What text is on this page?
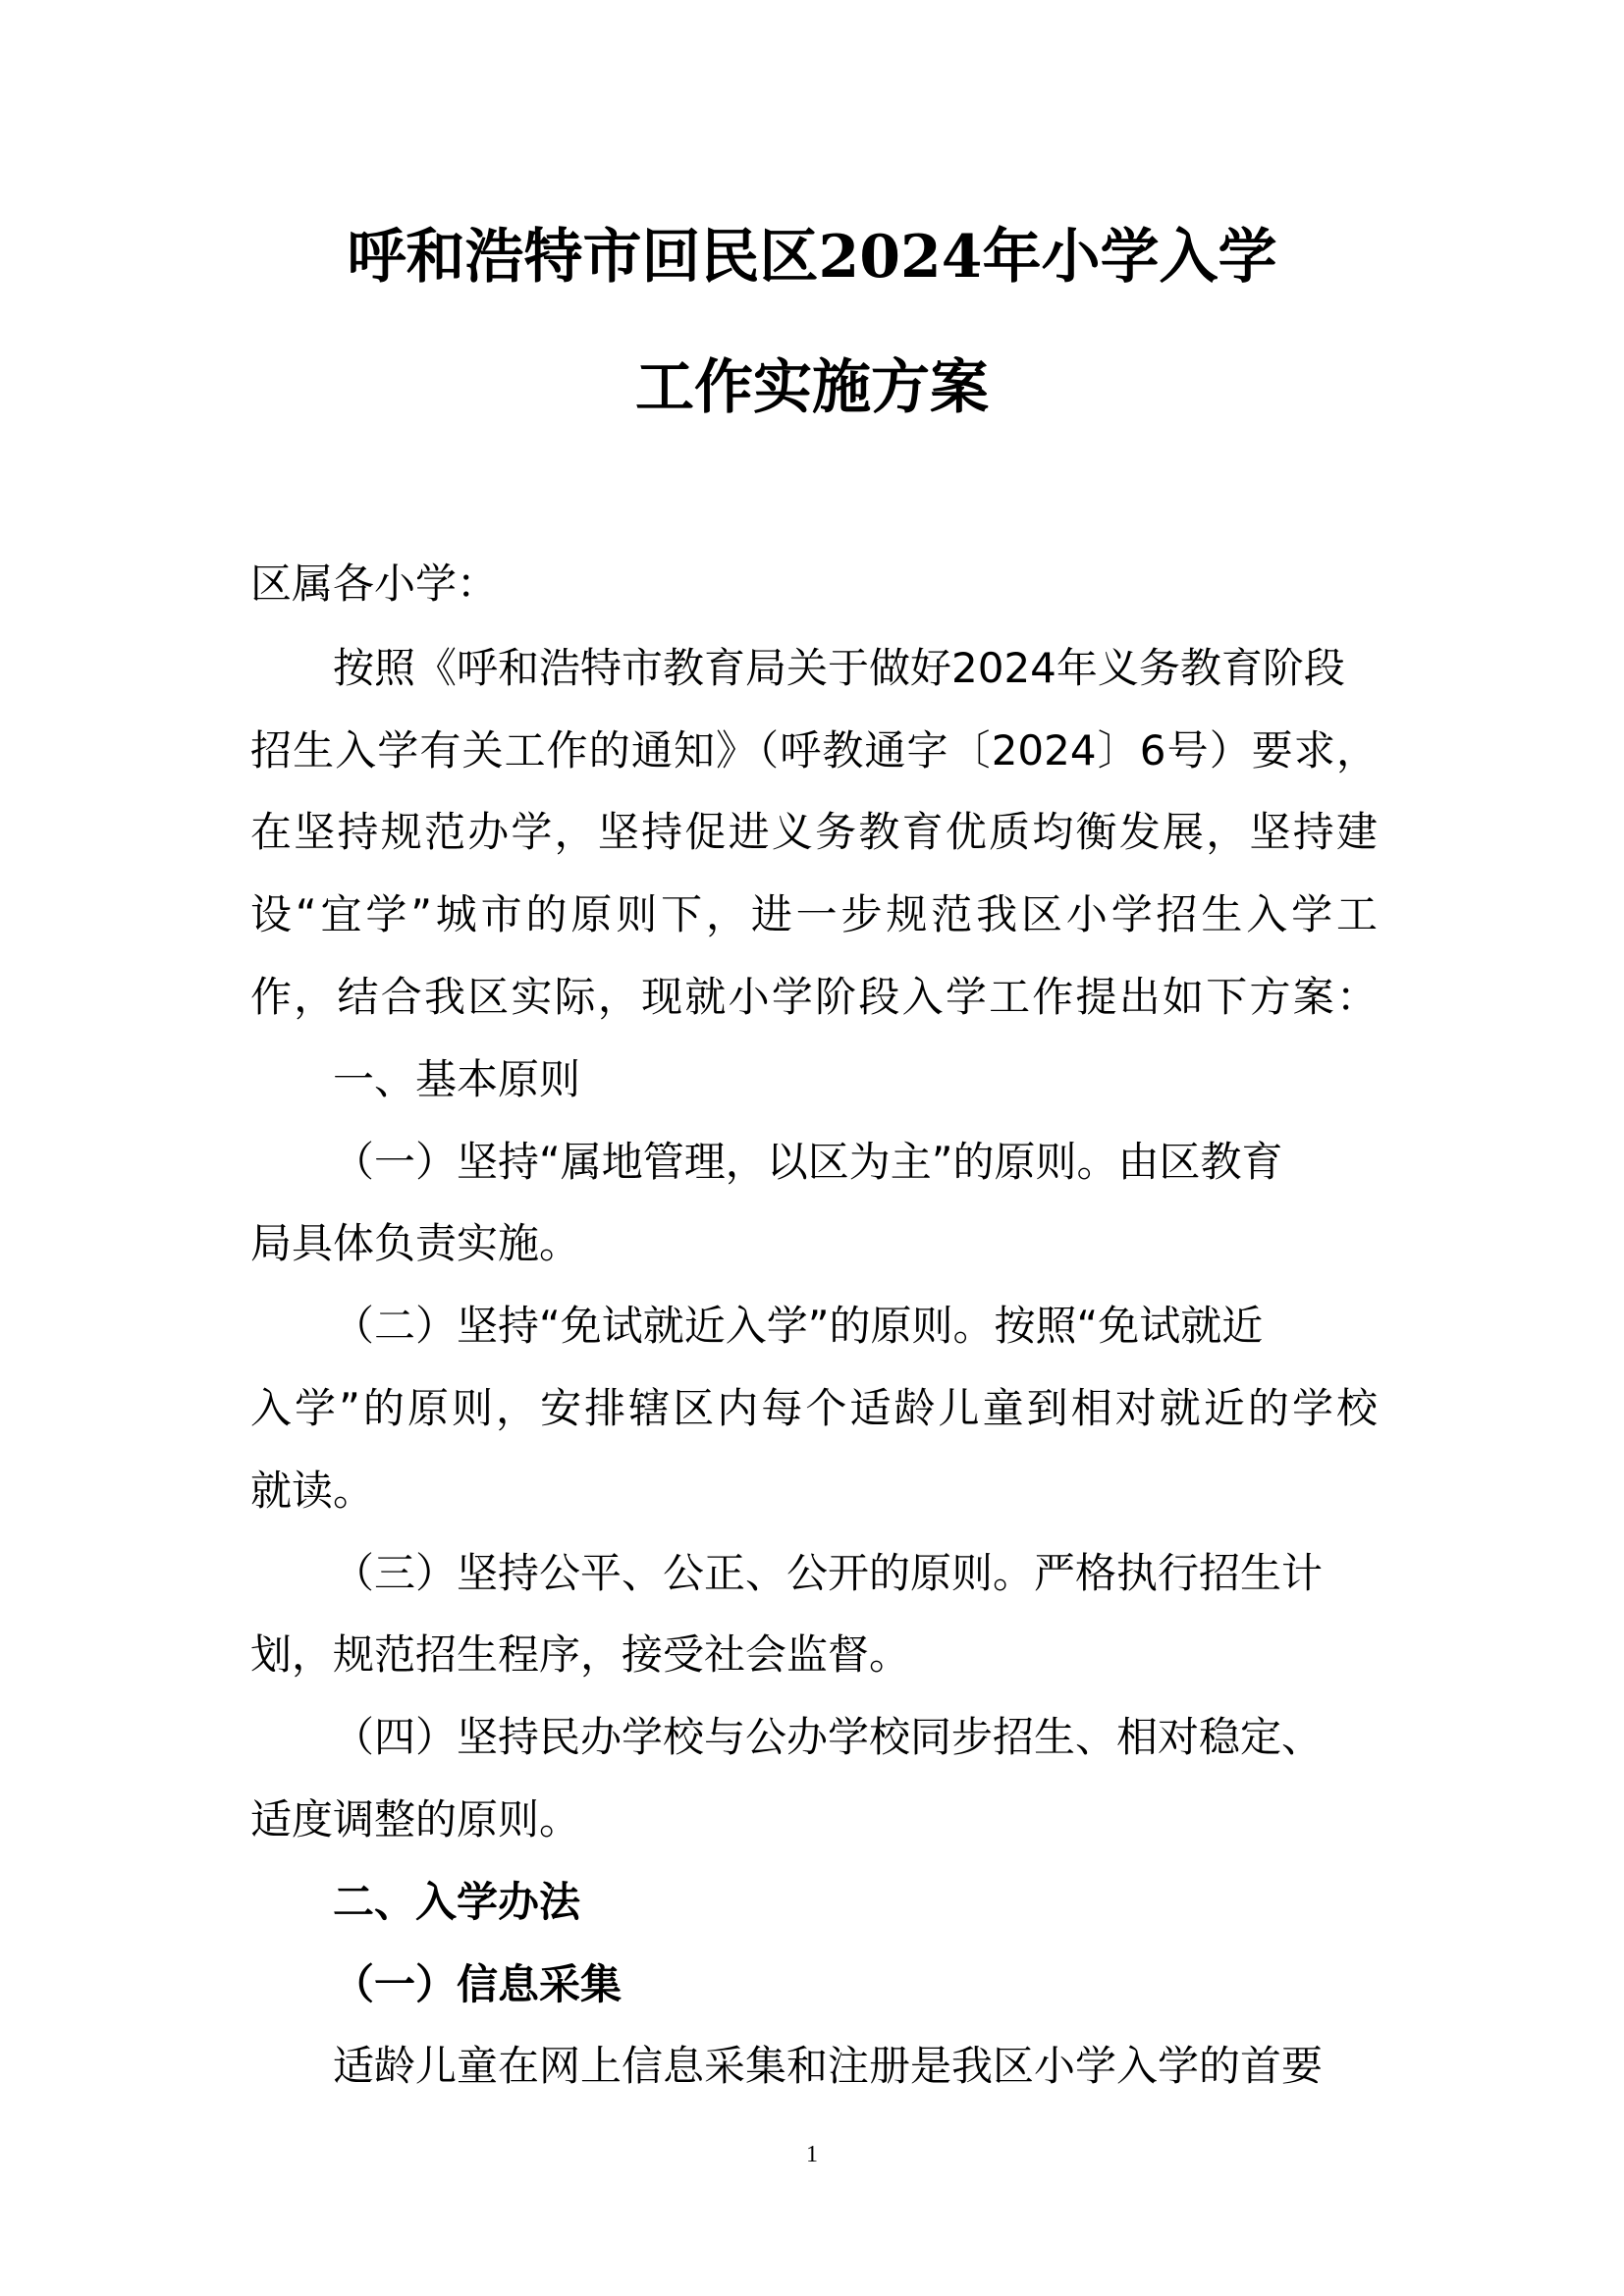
呼和浩特市回民区2024年小学入学
工作实施方案
区属各小学：
按照《呼和浩特市教育局关于做好2024年义务教育阶段
招生入学有关工作的通知》（呼教通字〔2024〕6号）要求，
在坚持规范办学，坚持促进义务教育优质均衡发展，坚持建
设“宜学”城市的原则下，进一步规范我区小学招生入学工
作，结合我区实际，现就小学阶段入学工作提出如下方案：
一、基本原则
（一）坚持“属地管理，以区为主”的原则。由区教育
局具体负责实施。
（二）坚持“免试就近入学”的原则。按照“免试就近
入学”的原则，安排辖区内每个适龄儿童到相对就近的学校
就读。
（三）坚持公平、公正、公开的原则。严格执行招生计
划，规范招生程序，接受社会监督。
（四）坚持民办学校与公办学校同步招生、相对稳定、
适度调整的原则。
二、入学办法
（一）信息采集
适龄儿童在网上信息采集和注册是我区小学入学的首要
1
